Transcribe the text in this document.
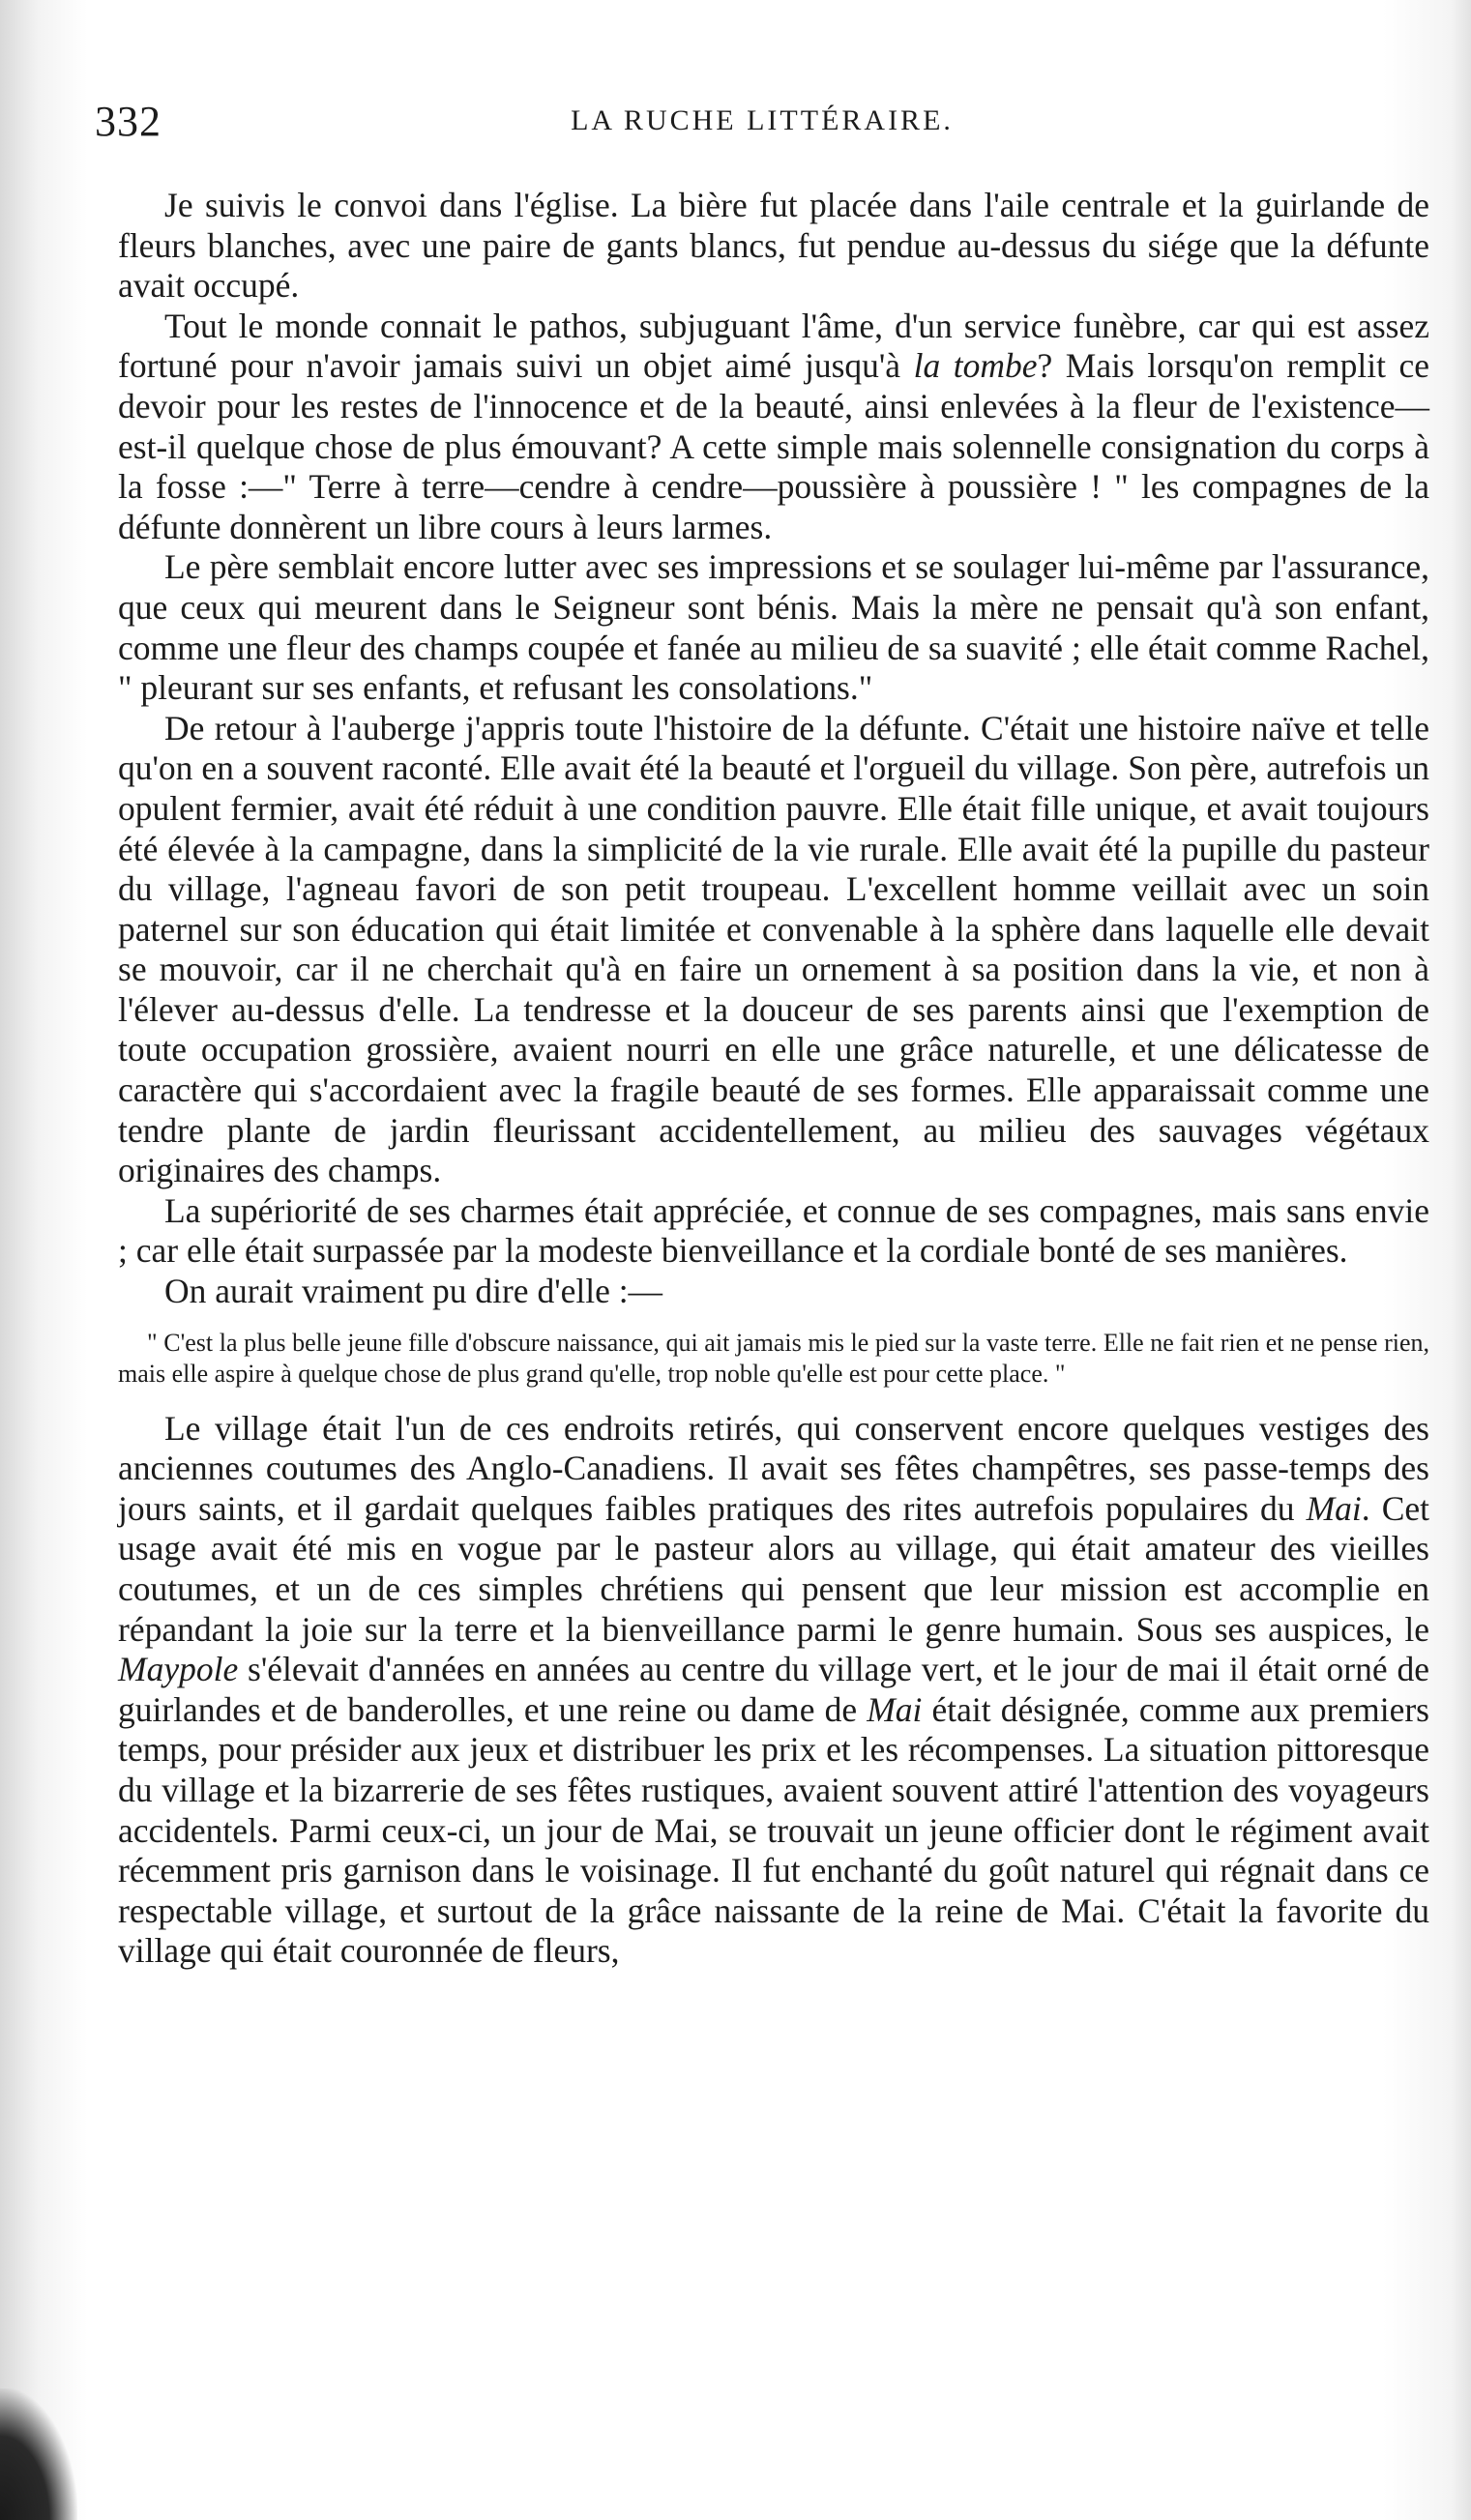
332	LA RUCHE LITTÉRAIRE.

Je suivis le convoi dans l'église. La bière fut placée dans l'aile centrale et la guirlande de fleurs blanches, avec une paire de gants blancs, fut pendue au-dessus du siége que la défunte avait occupé.

Tout le monde connait le pathos, subjuguant l'âme, d'un service funèbre, car qui est assez fortuné pour n'avoir jamais suivi un objet aimé jusqu'à la tombe? Mais lorsqu'on remplit ce devoir pour les restes de l'innocence et de la beauté, ainsi enlevées à la fleur de l'existence—est-il quelque chose de plus émouvant? A cette simple mais solennelle consignation du corps à la fosse :—" Terre à terre—cendre à cendre—poussière à poussière ! " les compagnes de la défunte donnèrent un libre cours à leurs larmes.

Le père semblait encore lutter avec ses impressions et se soulager lui-même par l'assurance, que ceux qui meurent dans le Seigneur sont bénis. Mais la mère ne pensait qu'à son enfant, comme une fleur des champs coupée et fanée au milieu de sa suavité ; elle était comme Rachel, " pleurant sur ses enfants, et refusant les consolations."

De retour à l'auberge j'appris toute l'histoire de la défunte. C'était une histoire naïve et telle qu'on en a souvent raconté. Elle avait été la beauté et l'orgueil du village. Son père, autrefois un opulent fermier, avait été réduit à une condition pauvre. Elle était fille unique, et avait toujours été élevée à la campagne, dans la simplicité de la vie rurale. Elle avait été la pupille du pasteur du village, l'agneau favori de son petit troupeau. L'excellent homme veillait avec un soin paternel sur son éducation qui était limitée et convenable à la sphère dans laquelle elle devait se mouvoir, car il ne cherchait qu'à en faire un ornement à sa position dans la vie, et non à l'élever au-dessus d'elle. La tendresse et la douceur de ses parents ainsi que l'exemption de toute occupation grossière, avaient nourri en elle une grâce naturelle, et une délicatesse de caractère qui s'accordaient avec la fragile beauté de ses formes. Elle apparaissait comme une tendre plante de jardin fleurissant accidentellement, au milieu des sauvages végétaux originaires des champs.

La supériorité de ses charmes était appréciée, et connue de ses compagnes, mais sans envie ; car elle était surpassée par la modeste bienveillance et la cordiale bonté de ses manières.

On aurait vraiment pu dire d'elle :—

" C'est la plus belle jeune fille d'obscure naissance, qui ait jamais mis le pied sur la vaste terre. Elle ne fait rien et ne pense rien, mais elle aspire à quelque chose de plus grand qu'elle, trop noble qu'elle est pour cette place. "

Le village était l'un de ces endroits retirés, qui conservent encore quelques vestiges des anciennes coutumes des Anglo-Canadiens. Il avait ses fêtes champêtres, ses passe-temps des jours saints, et il gardait quelques faibles pratiques des rites autrefois populaires du Mai. Cet usage avait été mis en vogue par le pasteur alors au village, qui était amateur des vieilles coutumes, et un de ces simples chrétiens qui pensent que leur mission est accomplie en répandant la joie sur la terre et la bienveillance parmi le genre humain. Sous ses auspices, le Maypole s'élevait d'années en années au centre du village vert, et le jour de mai il était orné de guirlandes et de banderolles, et une reine ou dame de Mai était désignée, comme aux premiers temps, pour présider aux jeux et distribuer les prix et les récompenses. La situation pittoresque du village et la bizarrerie de ses fêtes rustiques, avaient souvent attiré l'attention des voyageurs accidentels. Parmi ceux-ci, un jour de Mai, se trouvait un jeune officier dont le régiment avait récemment pris garnison dans le voisinage. Il fut enchanté du goût naturel qui régnait dans ce respectable village, et surtout de la grâce naissante de la reine de Mai. C'était la favorite du village qui était couronnée de fleurs,
